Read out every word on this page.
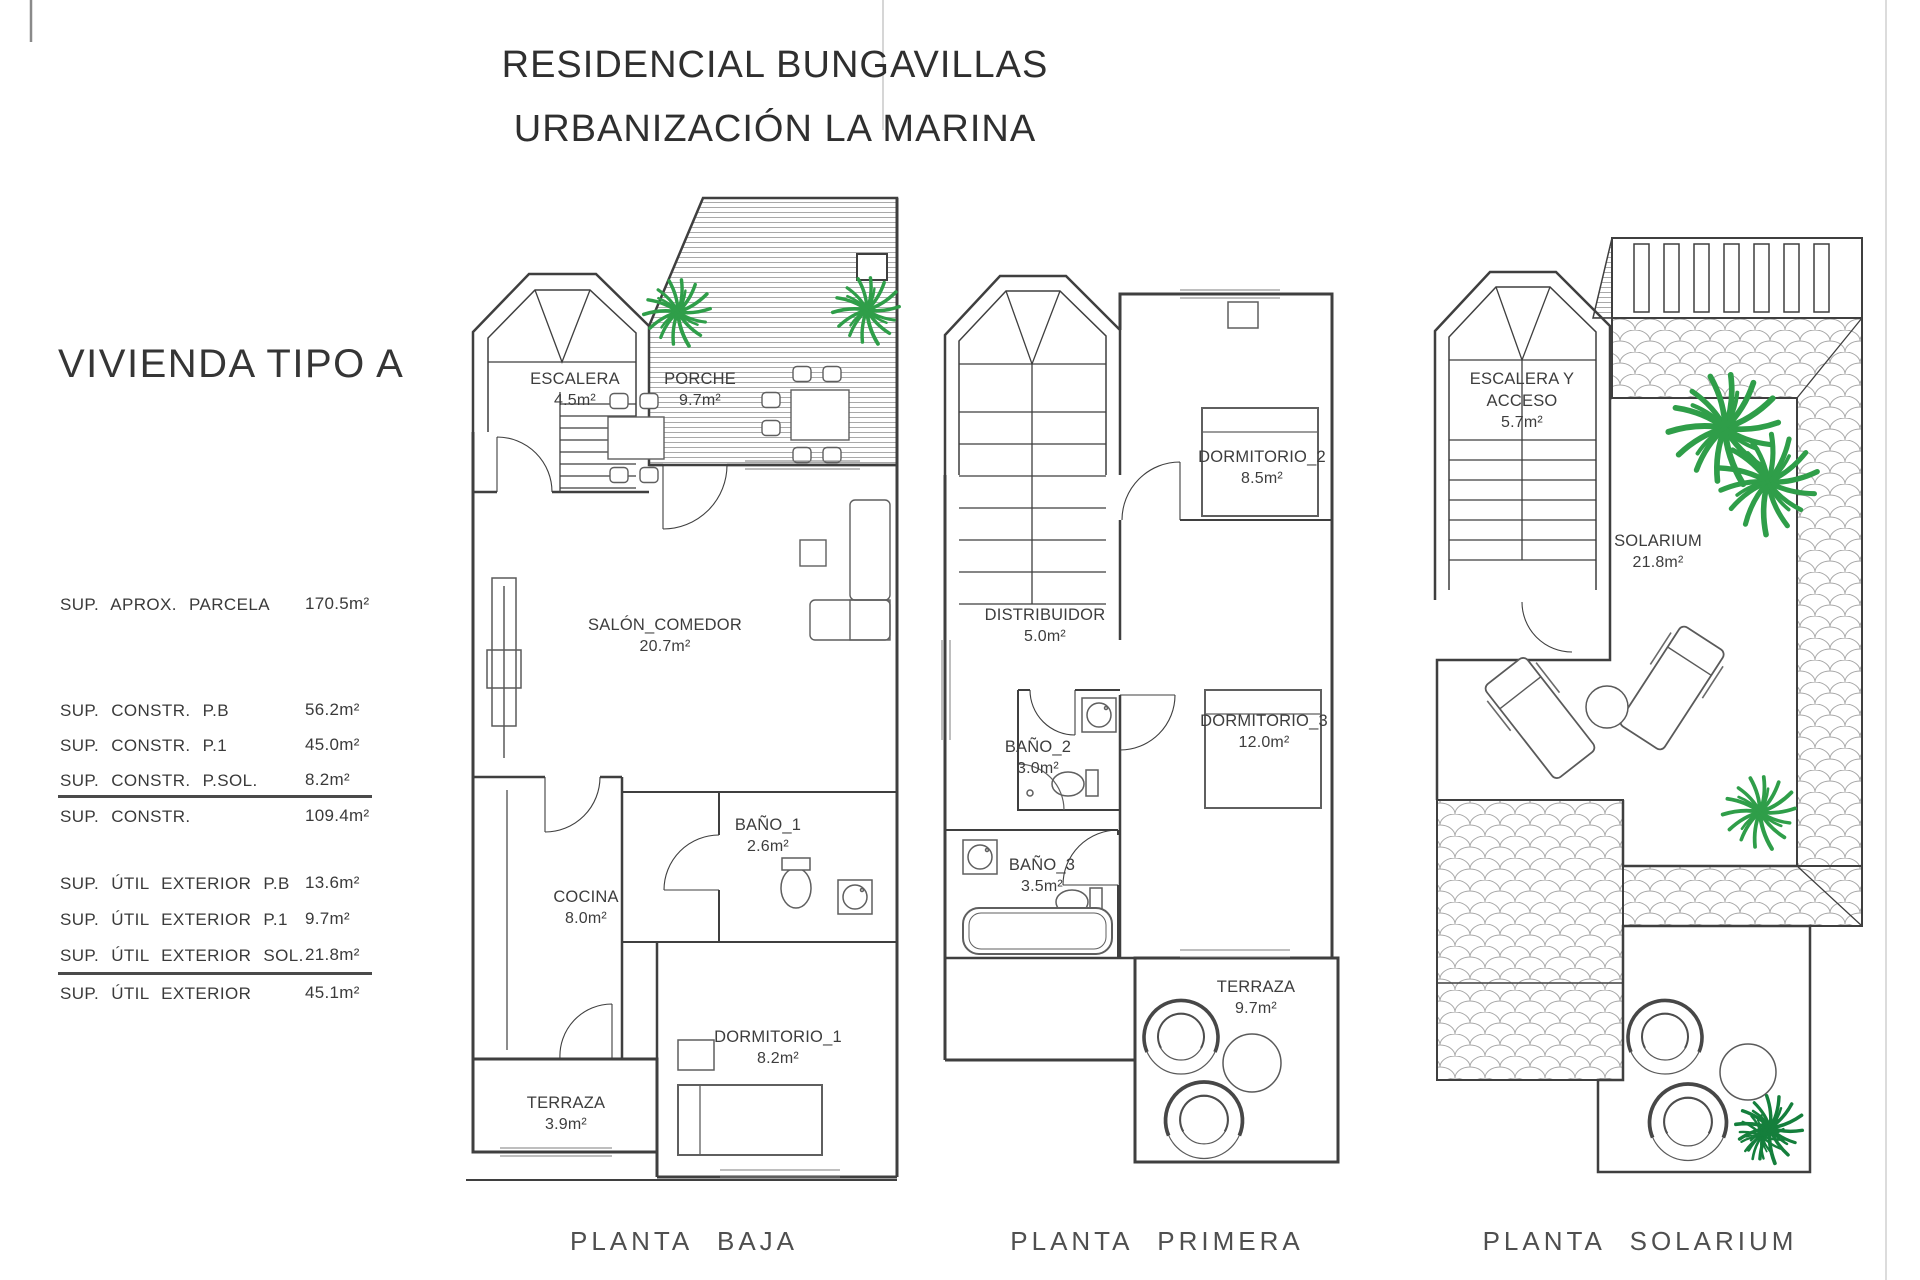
RESIDENCIAL BUNGAVILLAS
URBANIZACIÓN LA MARINA
VIVIENDA TIPO A
SUP. APROX. PARCELA 170.5m²
SUP. CONSTR. P.B	56.2m²
SUP. CONSTR. P.1	45.0m²
SUP. CONSTR. P.SOL.	8.2m²
SUP. CONSTR.	109.4m²
SUP. ÚTIL EXTERIOR P.B 13.6m²
SUP. ÚTIL EXTERIOR P.1 9.7m²
SUP. ÚTIL EXTERIOR SOL. 21.8m²
SUP. ÚTIL EXTERIOR	45.1m²
ESCALERA
4.5m²
PORCHE
9.7m²
SALÓN_COMEDOR
20.7m²
BAÑO_1
2.6m²
COCINA
8.0m²
DORMITORIO_1
8.2m²
TERRAZA
3.9m²
DORMITORIO_2
8.5m²
DISTRIBUIDOR
5.0m²
BAÑO_2
3.0m²
DORMITORIO_3
12.0m²
BAÑO_3
3.5m²
TERRAZA
9.7m²
ESCALERA Y ACCESO
5.7m²
SOLARIUM
21.8m²
PLANTA BAJA	PLANTA PRIMERA	PLANTA SOLARIUM
